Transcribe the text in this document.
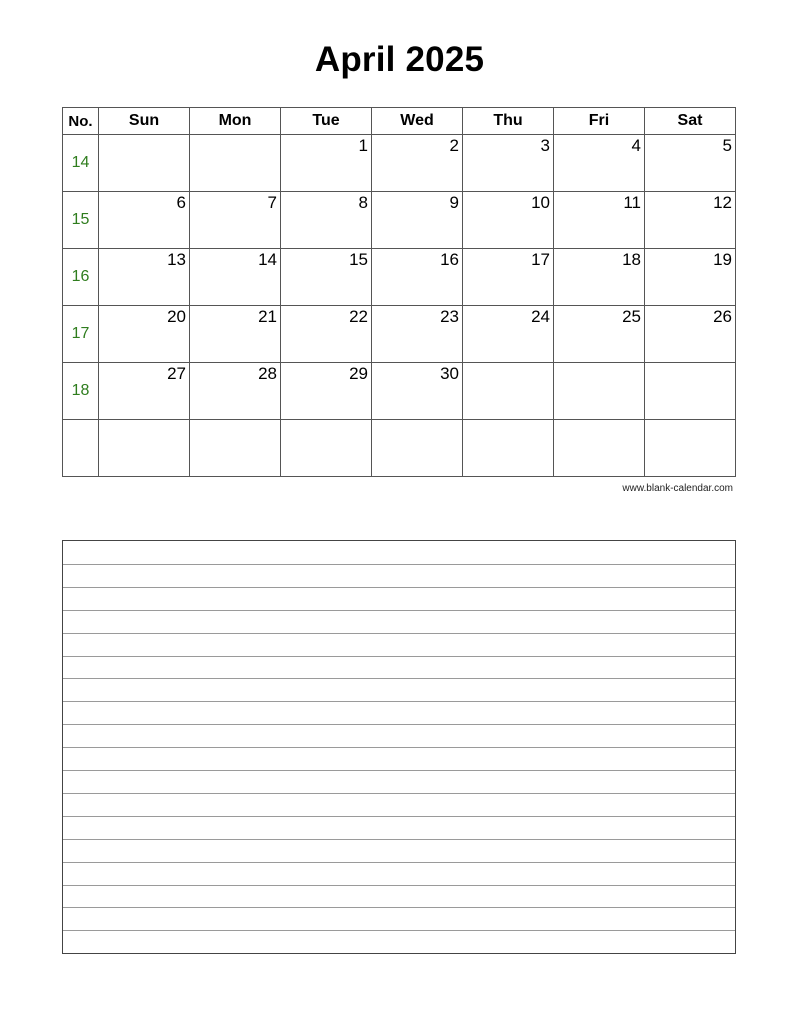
April 2025
No.	Sun	Mon	Tue	Wed	Thu	Fri	Sat
14			1	2	3	4	5

15	6	7	8	9	10	11	12

16	13	14	15	16	17	18	19

17	20	21	22	23	24	25	26

18	27	28	29	30			

www.blank-calendar.com
